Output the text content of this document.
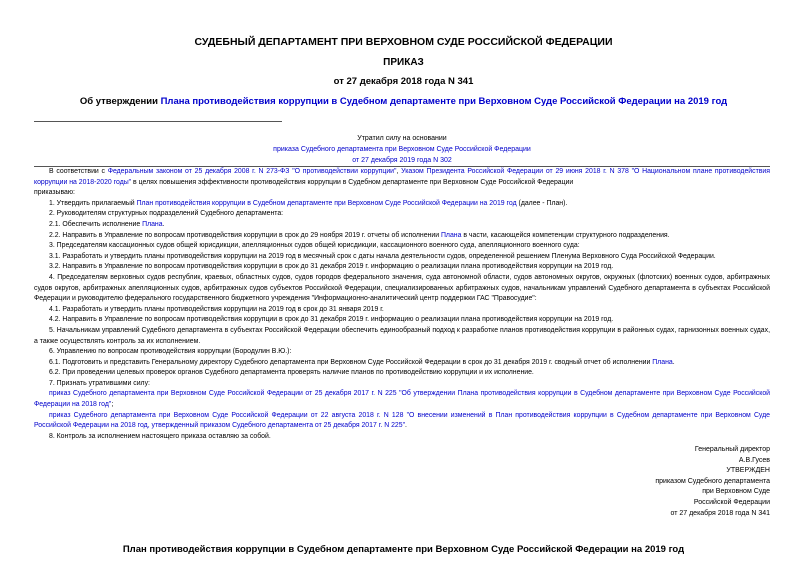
СУДЕБНЫЙ ДЕПАРТАМЕНТ ПРИ ВЕРХОВНОМ СУДЕ РОССИЙСКОЙ ФЕДЕРАЦИИ
ПРИКАЗ
от 27 декабря 2018 года N 341
Об утверждении Плана противодействия коррупции в Судебном департаменте при Верховном Суде Российской Федерации на 2019 год
Утратил силу на основании
приказа Судебного департамента при Верховном Суде Российской Федерации
от 27 декабря 2019 года N 302

В соответствии с Федеральным законом от 25 декабря 2008 г. N 273-ФЗ "О противодействии коррупции", Указом Президента Российской Федерации от 29 июня 2018 г. N 378 "О Национальном плане противодействия коррупции на 2018-2020 годы" в целях повышения эффективности противодействия коррупции в Судебном департаменте при Верховном Суде Российской Федерации

приказываю:

1. Утвердить прилагаемый План противодействия коррупции в Судебном департаменте при Верховном Суде Российской Федерации на 2019 год (далее - План).

2. Руководителям структурных подразделений Судебного департамента:

2.1. Обеспечить исполнение Плана.

2.2. Направить в Управление по вопросам противодействия коррупции в срок до 29 ноября 2019 г. отчеты об исполнении Плана в части, касающейся компетенции структурного подразделения.

3. Председателям кассационных судов общей юрисдикции, апелляционных судов общей юрисдикции, кассационного военного суда, апелляционного военного суда:

3.1. Разработать и утвердить планы противодействия коррупции на 2019 год в месячный срок с даты начала деятельности судов, определенной решением Пленума Верховного Суда Российской Федерации.

3.2. Направить в Управление по вопросам противодействия коррупции в срок до 31 декабря 2019 г. информацию о реализации плана противодействия коррупции на 2019 год.

4. Председателям верховных судов республик, краевых, областных судов, судов городов федерального значения, суда автономной области, судов автономных округов, окружных (флотских) военных судов, арбитражных судов округов, арбитражных апелляционных судов, арбитражных судов субъектов Российской Федерации, специализированных арбитражных судов, начальникам управлений Судебного департамента в субъектах Российской Федерации и руководителю федерального государственного бюджетного учреждения "Информационно-аналитический центр поддержки ГАС "Правосудие":

4.1. Разработать и утвердить планы противодействия коррупции на 2019 год в срок до 31 января 2019 г.

4.2. Направить в Управление по вопросам противодействия коррупции в срок до 31 декабря 2019 г. информацию о реализации плана противодействия коррупции на 2019 год.

5. Начальникам управлений Судебного департамента в субъектах Российской Федерации обеспечить единообразный подход к разработке планов противодействия коррупции в районных судах, гарнизонных военных судах, а также осуществлять контроль за их исполнением.

6. Управлению по вопросам противодействия коррупции (Бородулин В.Ю.):

6.1. Подготовить и представить Генеральному директору Судебного департамента при Верховном Суде Российской Федерации в срок до 31 декабря 2019 г. сводный отчет об исполнении Плана.

6.2. При проведении целевых проверок органов Судебного департамента проверять наличие планов по противодействию коррупции и их исполнение.

7. Признать утратившими силу:

приказ Судебного департамента при Верховном Суде Российской Федерации от 25 декабря 2017 г. N 225 "Об утверждении Плана противодействия коррупции в Судебном департаменте при Верховном Суде Российской Федерации на 2018 год";

приказ Судебного департамента при Верховном Суде Российской Федерации от 22 августа 2018 г. N 128 "О внесении изменений в План противодействия коррупции в Судебном департаменте при Верховном Суде Российской Федерации на 2018 год, утвержденный приказом Судебного департамента от 25 декабря 2017 г. N 225".

8. Контроль за исполнением настоящего приказа оставляю за собой.

Генеральный директор

А.В.Гусев

УТВЕРЖДЕН

приказом Судебного департамента

при Верховном Суде

Российской Федерации

от 27 декабря 2018 года N 341

План противодействия коррупции в Судебном департаменте при Верховном Суде Российской Федерации на 2019 год
